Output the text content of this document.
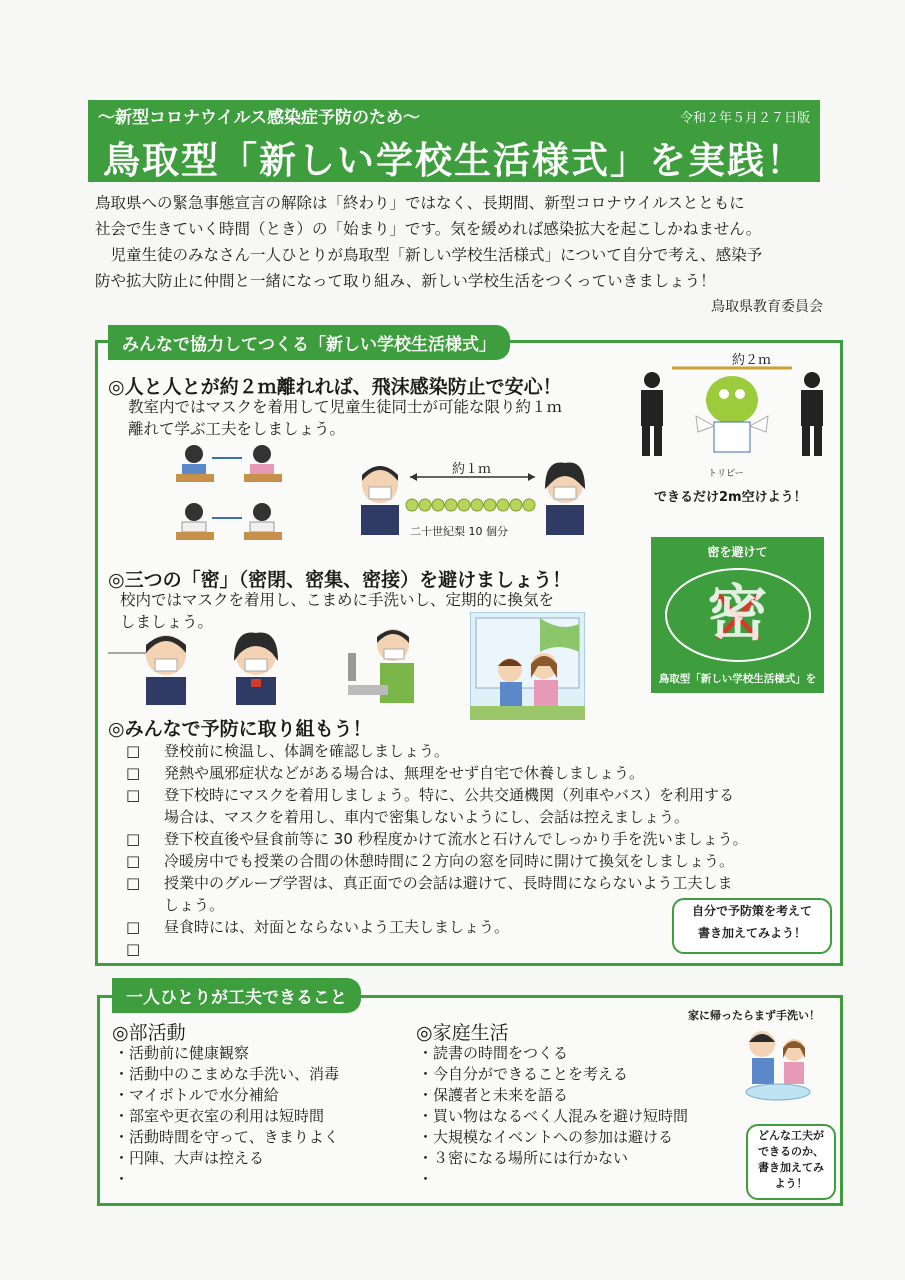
〜新型コロナウイルス感染症予防のため〜	令和２年５月２７日版
鳥取型「新しい学校生活様式」を実践！

鳥取県への緊急事態宣言の解除は「終わり」ではなく、長期間、新型コロナウイルスとともに

社会で生きていく時間（とき）の「始まり」です。気を緩めれば感染拡大を起こしかねません。

　児童生徒のみなさん一人ひとりが鳥取型「新しい学校生活様式」について自分で考え、感染予

防や拡大防止に仲間と一緒になって取り組み、新しい学校生活をつくっていきましょう！

鳥取県教育委員会
みんなで協力してつくる「新しい学校生活様式」
◎人と人とが約２ｍ離れれば、飛沫感染防止で安心！
教室内ではマスクを着用して児童生徒同士が可能な限り約１ｍ
離れて学ぶ工夫をしましょう。
約１ｍ
二十世紀梨 10 個分
約２ｍ
トリピー
できるだけ2m空けよう！
◎三つの「密」（密閉、密集、密接）を避けましょう！
校内ではマスクを着用し、こまめに手洗いし、定期的に換気を
しましょう。
密を避けて
密
鳥取型「新しい学校生活様式」を
◎みんなで予防に取り組もう！
□	登校前に検温し、体調を確認しましょう。
□	発熱や風邪症状などがある場合は、無理をせず自宅で休養しましょう。
□	登下校時にマスクを着用しましょう。特に、公共交通機関（列車やバス）を利用する
場合は、マスクを着用し、車内で密集しないようにし、会話は控えましょう。
□	登下校直後や昼食前等に 30 秒程度かけて流水と石けんでしっかり手を洗いましょう。
□	冷暖房中でも授業の合間の休憩時間に２方向の窓を同時に開けて換気をしましょう。
□	授業中のグループ学習は、真正面での会話は避けて、長時間にならないよう工夫しま
しょう。
□	昼食時には、対面とならないよう工夫しましょう。
□
自分で予防策を考えて
書き加えてみよう！
一人ひとりが工夫できること
◎部活動
・活動前に健康観察
・活動中のこまめな手洗い、消毒
・マイボトルで水分補給
・部室や更衣室の利用は短時間
・活動時間を守って、きまりよく
・円陣、大声は控える
・
◎家庭生活
・読書の時間をつくる
・今自分ができることを考える
・保護者と未来を語る
・買い物はなるべく人混みを避け短時間
・大規模なイベントへの参加は避ける
・３密になる場所には行かない
・
家に帰ったらまず手洗い！
どんな工夫が
できるのか、
書き加えてみ
よう！
